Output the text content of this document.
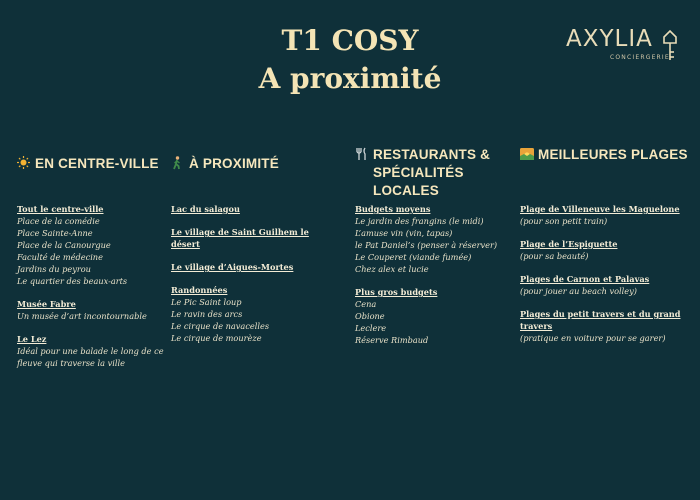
T1 COSY
A proximité
AXYLIA
CONCIERGERIE
EN CENTRE-VILLE
Tout le centre-ville
Place de la comédie
Place Sainte-Anne
Place de la Canourgue
Faculté de médecine
Jardins du peyrou
Le quartier des beaux-arts
Musée Fabre
Un musée d’art incontournable
Le Lez
Idéal pour une balade le long de ce fleuve qui traverse la ville
À PROXIMITÉ
Lac du salagou
Le village de Saint Guilhem le désert
Le village d’Aigues-Mortes
Randonnées
Le Pic Saint loup
Le ravin des arcs
Le cirque de navacelles
Le cirque de mourèze
RESTAURANTS & SPÉCIALITÉS LOCALES
Budgets moyens
Le jardin des frangins (le midi)
L’amuse vin (vin, tapas)
le Pat Daniel’s (penser à réserver)
Le Couperet (viande fumée)
Chez alex et lucie
Plus gros budgets
Cena
Obione
Leclere
Réserve Rimbaud
MEILLEURES PLAGES
Plage de Villeneuve les Maguelone
(pour son petit train)
Plage de l’Espiguette
(pour sa beauté)
Plages de Carnon et Palavas
(pour jouer au beach volley)
Plages du petit travers et du grand travers
(pratique en voiture pour se garer)
